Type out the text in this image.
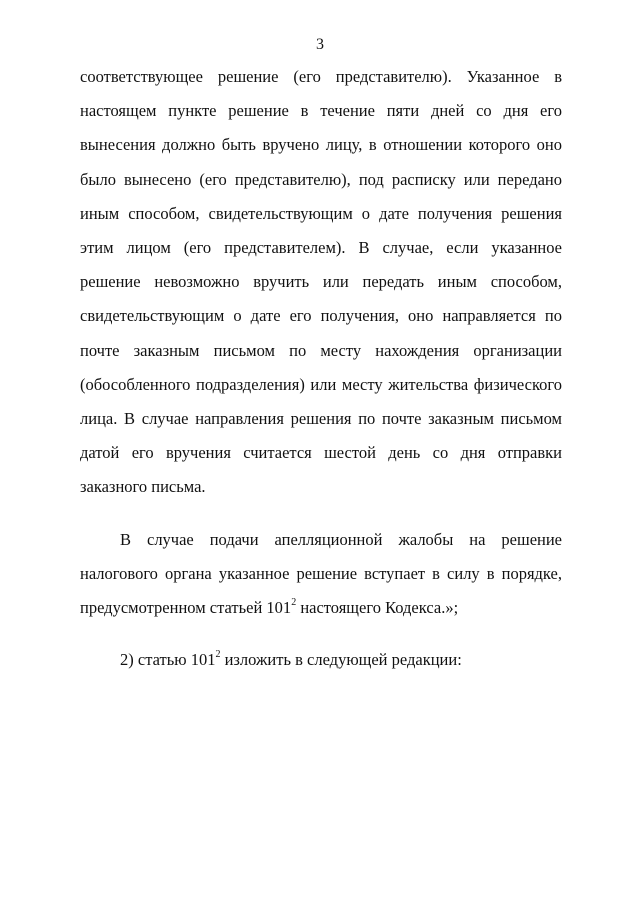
3

соответствующее решение (его представителю). Указанное в настоящем пункте решение в течение пяти дней со дня его вынесения должно быть вручено лицу, в отношении которого оно было вынесено (его представителю), под расписку или передано иным способом, свидетельствующим о дате получения решения этим лицом (его представителем). В случае, если указанное решение невозможно вручить или передать иным способом, свидетельствующим о дате его получения, оно направляется по почте заказным письмом по месту нахождения организации (обособленного подразделения) или месту жительства физического лица. В случае направления решения по почте заказным письмом датой его вручения считается шестой день со дня отправки заказного письма.

В случае подачи апелляционной жалобы на решение налогового органа указанное решение вступает в силу в порядке, предусмотренном статьей $101^2$ настоящего Кодекса.»;

2) статью $101^2$ изложить в следующей редакции:
